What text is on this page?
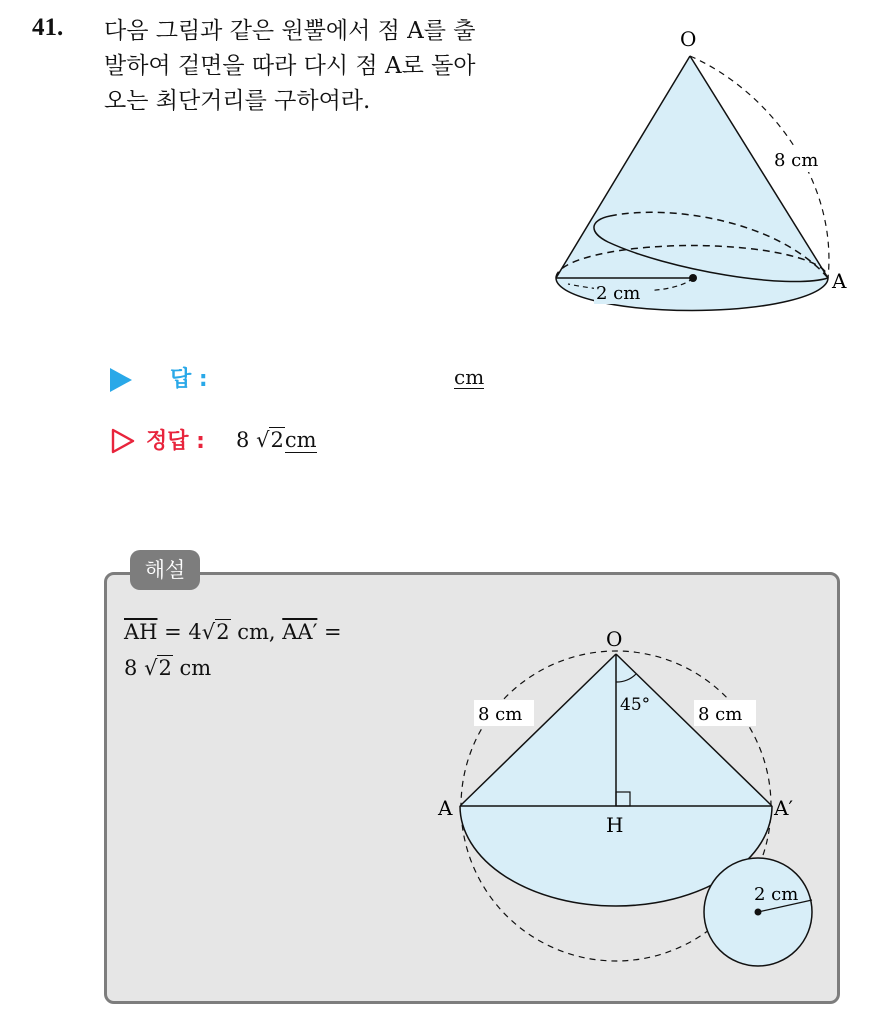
41. 다음 그림과 같은 원뿔에서 점 A를 출
발하여 겉면을 따라 다시 점 A로 돌아
오는 최단거리를 구하여라.
8 cm
2 cm
O
A
답 :	cm
정답 : 8 √2cm
해설
$\overline{AH} = 4√2$ cm, AA′ =
8 √2 cm
8 cm	8 cm
45°
O
A	A′
H
2 cm
